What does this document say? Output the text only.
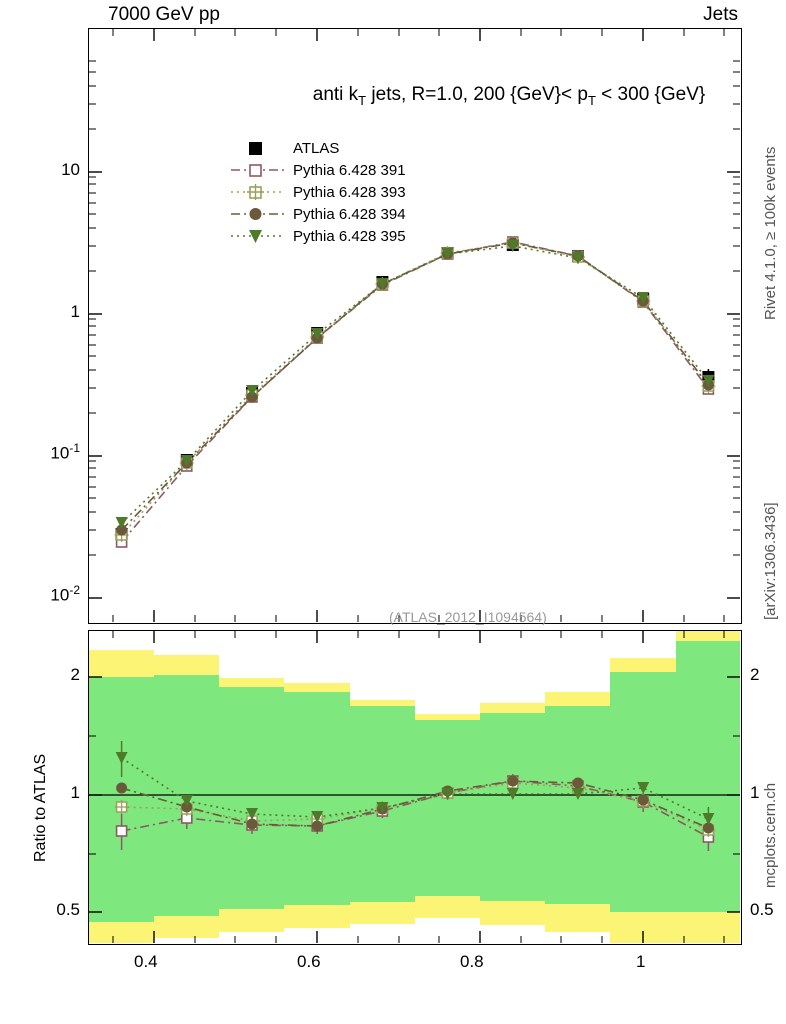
7000 GeV pp	Jets
Rivet 4.1.0, ≥ 100k events
[arXiv:1306.3436]
mcplots.cern.ch
anti $k_T$ jets, R=1.0, 200 $\{GeV\}< p_T < 300$ {GeV}
(ATLAS_2012_I1094564)
ATLAS
Pythia 6.428 391
Pythia 6.428 393
Pythia 6.428 394
Pythia 6.428 395
$10^{-2}$
$10^{-1}$
1
10
2
1
0.5
2
1
0.5
Ratio to ATLAS
0.4	0.6	0.8	1
